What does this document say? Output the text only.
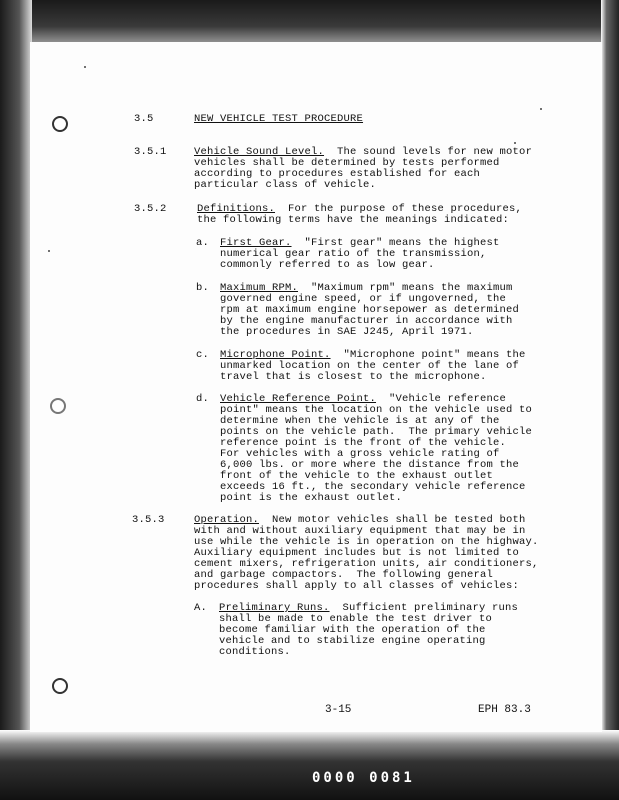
3.5	NEW VEHICLE TEST PROCEDURE
3.5.1	Vehicle Sound Level.  The sound levels for new motor
vehicles shall be determined by tests performed
according to procedures established for each
particular class of vehicle.
3.5.2	Definitions.  For the purpose of these procedures,
the following terms have the meanings indicated:
a. First Gear.  "First gear" means the highest
numerical gear ratio of the transmission,
commonly referred to as low gear.
b. Maximum RPM.  "Maximum rpm" means the maximum
governed engine speed, or if ungoverned, the
rpm at maximum engine horsepower as determined
by the engine manufacturer in accordance with
the procedures in SAE J245, April 1971.
c. Microphone Point.  "Microphone point" means the
unmarked location on the center of the lane of
travel that is closest to the microphone.
d. Vehicle Reference Point.  "Vehicle reference
point" means the location on the vehicle used to
determine when the vehicle is at any of the
points on the vehicle path.  The primary vehicle
reference point is the front of the vehicle.
For vehicles with a gross vehicle rating of
6,000 lbs. or more where the distance from the
front of the vehicle to the exhaust outlet
exceeds 16 ft., the secondary vehicle reference
point is the exhaust outlet.
3.5.3	Operation.  New motor vehicles shall be tested both
with and without auxiliary equipment that may be in
use while the vehicle is in operation on the highway.
Auxiliary equipment includes but is not limited to
cement mixers, refrigeration units, air conditioners,
and garbage compactors.  The following general
procedures shall apply to all classes of vehicles:
A. Preliminary Runs.  Sufficient preliminary runs
shall be made to enable the test driver to
become familiar with the operation of the
vehicle and to stabilize engine operating
conditions.
3-15	EPH 83.3
0000 0081
